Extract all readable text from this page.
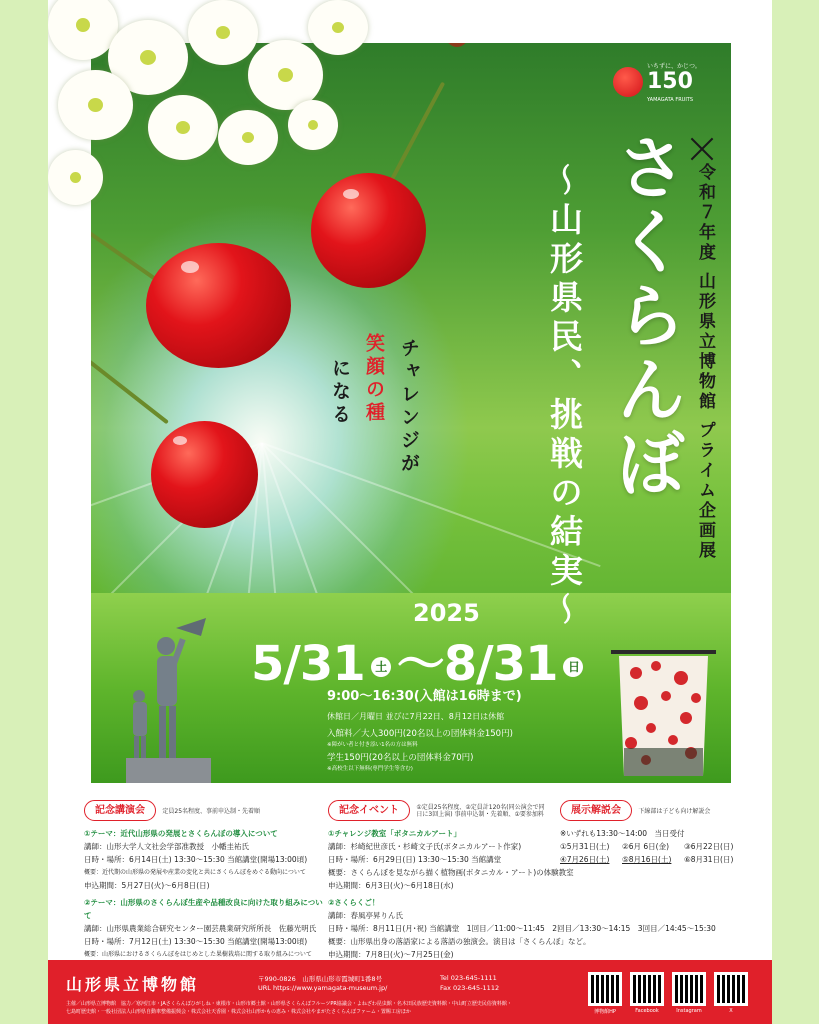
いちずに、かじつ。
150
YAMAGATA FRUITS

さくらんぼ

～山形県民、挑戦の結実～	令和７年度 山形県立博物館 プライム企画展

チャレンジが

笑顔の種

になる

2025
5/31 土 ～8/31 日
9:00～16:30(入館は16時まで)
休館日／月曜日 並びに7月22日、8月12日は休館
入館料／大人300円(20名以上の団体料金150円)
※障がい者と付き添い1名の方は無料
学生150円(20名以上の団体料金70円)
※高校生以下無料(専門学生等含む)
記念講演会	定員25名程度、事前申込制・先着順
①テーマ：近代山形県の発展とさくらんぼの導入について
講師：山形大学人文社会学部准教授　小幡圭祐氏
日時・場所：6月14日(土) 13:30～15:30 当館講堂(開場13:00頃)
概要：近代期の山形県の発展や産業の変化と共にさくらんぼをめぐる動向について
申込期間：5月27日(火)～6月8日(日)
②テーマ：山形県のさくらんぼ生産や品種改良に向けた取り組みについて
講師：山形県農業総合研究センター園芸農業研究所所長　佐藤光明氏
日時・場所：7月12日(土) 13:30～15:30 当館講堂(開場13:00頃)
概要：山形県におけるさくらんぼをはじめとした果樹栽培に関する取り組みについて
記念イベント	①定員25名程度、②定員計120名(同公演会で同日に3回上演) 事前申込制・先着順、①要参加料
①チャレンジ教室「ボタニカルアート」
講師：杉崎紀世彦氏・杉崎文子氏(ボタニカルアート作家)
日時・場所：6月29日(日) 13:30～15:30 当館講堂
概要：さくらんぼを見ながら描く植物画(ボタニカル・アート)の体験教室
申込期間：6月3日(火)～6月18日(水)
②さくらくご！
講師：春風亭昇りん氏
日時・場所：8月11日(月･祝) 当館講堂　1回目／11:00～11:45　2回目／13:30～14:15　3回目／14:45～15:30
概要：山形県出身の落語家による落語の独演会。演目は「さくらんぼ」など。
申込期間：7月8日(火)～7月25日(金)
展示解説会	下線部は子ども向け解説会
※いずれも13:30～14:00　当日受付
①5月31日(土)	②6月 6日(金)	③6月22日(日)
④7月26日(土)	⑤8月16日(土)	⑥8月31日(日)
山形県立博物館	〒990-0826　山形県山形市霞城町1番8号
URL https://www.yamagata-museum.jp/
Tel 023-645-1111
Fax 023-645-1112
主催／山形県立博物館　協力／寒河江市・JAさくらんぼひがしね・東根市・山形市郷土館・山形県さくらんぼフルーツPR協議会・よねざわ昆虫館・名木田民族歴史資料館・中山町立歴史民俗資料館・
七島町歴史館・一般社団法人山形県自動車整備振興会・株式会社天香園・株式会社山形かもの恵み・株式会社やまがたさくらんぼファーム・置賜工房ほか	博物館HP	Facebook	Instagram	X
